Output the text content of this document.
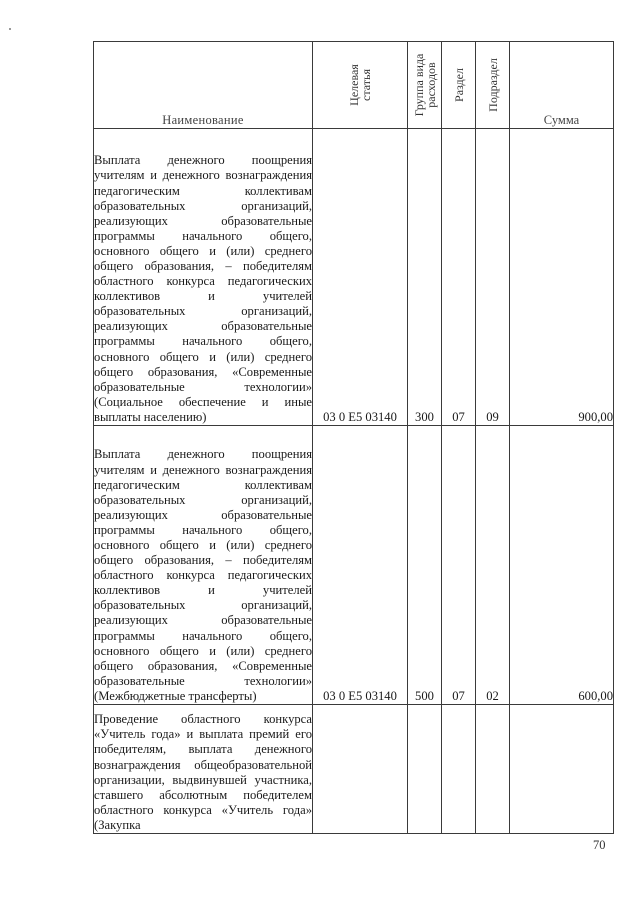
Наименование	Целевая статья	Группа вида расходов	Раздел	Подраздел	Сумма
Выплата денежного поощрения учителям и денежного вознаграждения педагогическим коллективам образовательных организаций, реализующих образовательные программы начального общего, основного общего и (или) среднего общего образования, – победителям областного конкурса педагогических коллективов и учителей образовательных организаций, реализующих образовательные программы начального общего, основного общего и (или) среднего общего образования, «Современные образовательные технологии» (Социальное обеспечение и иные выплаты населению)	03 0 E5 03140	300	07	09	900,00

Выплата денежного поощрения учителям и денежного вознаграждения педагогическим коллективам образовательных организаций, реализующих образовательные программы начального общего, основного общего и (или) среднего общего образования, – победителям областного конкурса педагогических коллективов и учителей образовательных организаций, реализующих образовательные программы начального общего, основного общего и (или) среднего общего образования, «Современные образовательные технологии» (Межбюджетные трансферты)	03 0 E5 03140	500	07	02	600,00

Проведение областного конкурса «Учитель года» и выплата премий его победителям, выплата денежного вознаграждения общеобразовательной организации, выдвинувшей участника, ставшего абсолютным победителем областного конкурса «Учитель года» (Закупка					
70
